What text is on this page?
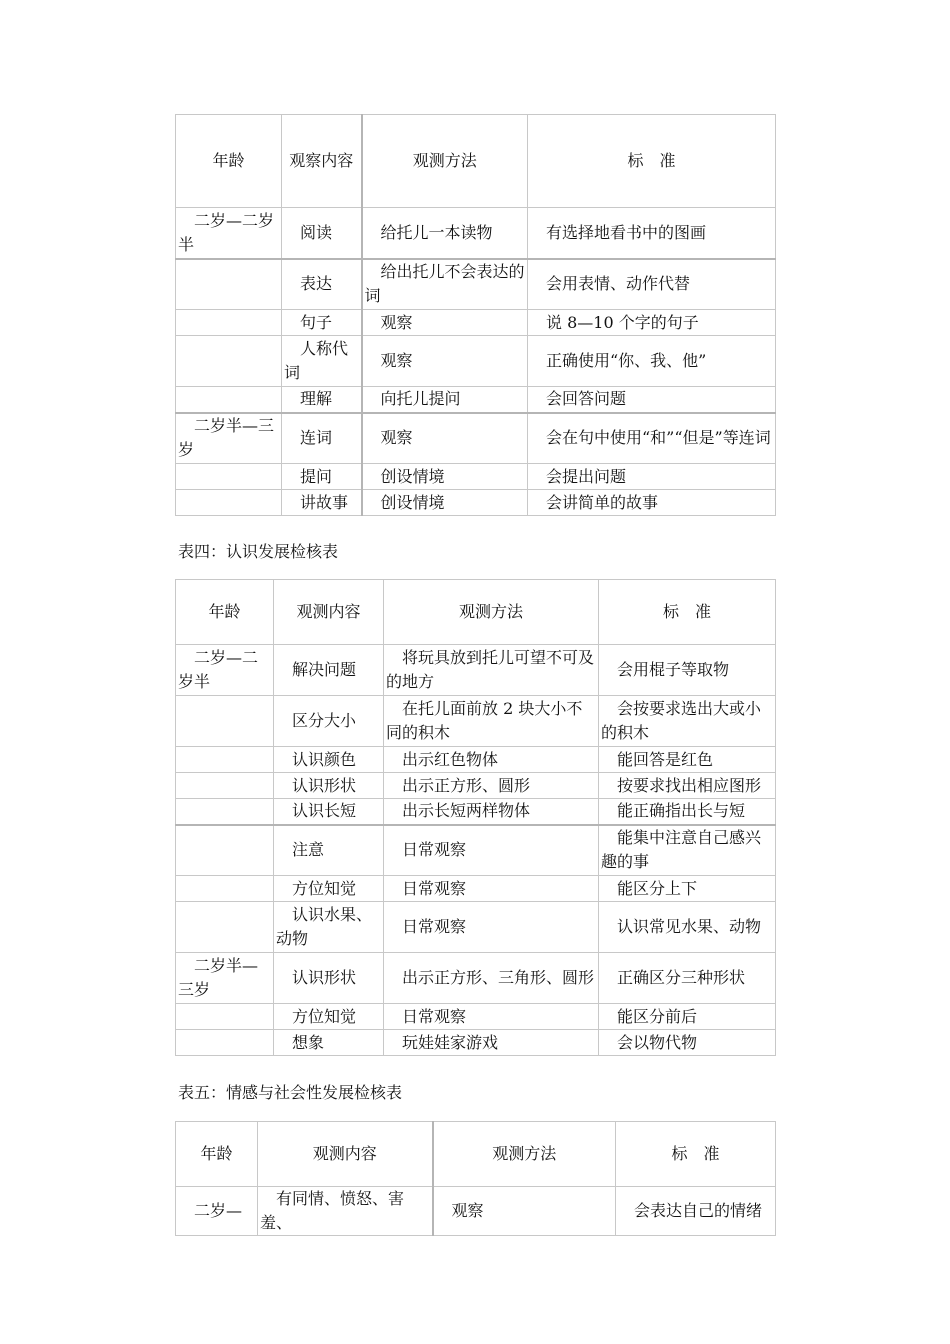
年龄	观察内容	观测方法	标　准
二岁—二岁半	阅读	给托儿一本读物	有选择地看书中的图画
	表达	给出托儿不会表达的词	会用表情、动作代替
	句子	观察	说 8—10 个字的句子
	人称代词	观察	正确使用“你、我、他”
	理解	向托儿提问	会回答问题
二岁半—三岁	连词	观察	会在句中使用“和”“但是”等连词
	提问	创设情境	会提出问题
	讲故事	创设情境	会讲简单的故事
表四：认识发展检核表
年龄	观测内容	观测方法	标　准
二岁—二岁半	解决问题	将玩具放到托儿可望不可及的地方	会用棍子等取物
	区分大小	在托儿面前放 2 块大小不同的积木	会按要求选出大或小的积木
	认识颜色	出示红色物体	能回答是红色
	认识形状	出示正方形、圆形	按要求找出相应图形
	认识长短	出示长短两样物体	能正确指出长与短
	注意	日常观察	能集中注意自己感兴趣的事
	方位知觉	日常观察	能区分上下
	认识水果、动物	日常观察	认识常见水果、动物
二岁半—三岁	认识形状	出示正方形、三角形、圆形	正确区分三种形状
	方位知觉	日常观察	能区分前后
	想象	玩娃娃家游戏	会以物代物
表五：情感与社会性发展检核表
年龄	观测内容	观测方法	标　准
二岁—	有同情、愤怒、害羞、	观察	会表达自己的情绪
